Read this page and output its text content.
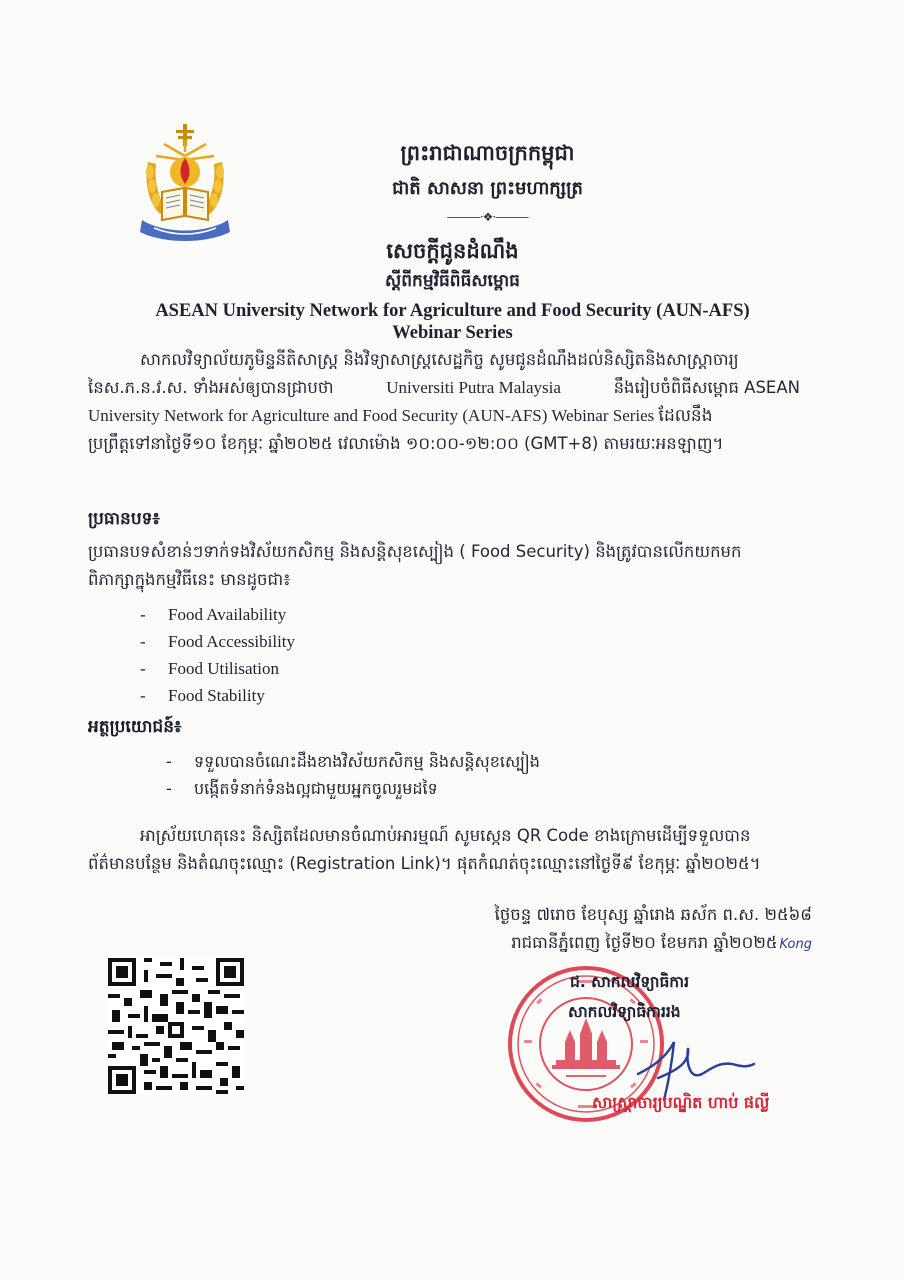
ព្រះរាជាណាចក្រកម្ពុជា
ជាតិ សាសនា ព្រះមហាក្សត្រ
———·❖·———
សេចក្តីជូនដំណឹង
ស្តីពីកម្មវិធីពិធីសម្ពោធ
ASEAN University Network for Agriculture and Food Security (AUN-AFS)
Webinar Series
សាកលវិទ្យាល័យភូមិន្ទនីតិសាស្ត្រ និងវិទ្យាសាស្ត្រសេដ្ឋកិច្ច សូមជូនដំណឹងដល់និស្សិតនិងសាស្ត្រាចារ្យ
នៃស.ភ.ន.វ.ស. ទាំងអស់ឲ្យបានជ្រាបថា	Universiti Putra Malaysia	នឹងរៀបចំពិធីសម្ពោធ ASEAN
University Network for Agriculture and Food Security (AUN-AFS) Webinar Series ដែលនឹង
ប្រព្រឹត្តទៅនាថ្ងៃទី១០ ខែកុម្ភៈ ឆ្នាំ២០២៥ វេលាម៉ោង ១០:០០-១២:០០ (GMT+8) តាមរយៈអនឡាញ។
ប្រធានបទ៖
ប្រធានបទសំខាន់ៗទាក់ទងវិស័យកសិកម្ម និងសន្តិសុខស្បៀង ( Food Security) និងត្រូវបានលើកយកមក
ពិភាក្សាក្នុងកម្មវិធីនេះ មានដូចជា៖
- Food Availability
- Food Accessibility
- Food Utilisation
- Food Stability
អត្ថប្រយោជន៍៖
- ទទួលបានចំណេះដឹងខាងវិស័យកសិកម្ម និងសន្តិសុខស្បៀង
- បង្កើតទំនាក់ទំនងល្អជាមួយអ្នកចូលរួមដទៃ
អាស្រ័យហេតុនេះ និស្សិតដែលមានចំណាប់អារម្មណ៍ សូមស្កេន QR Code ខាងក្រោមដើម្បីទទួលបាន
ព័ត៌មានបន្ថែម និងតំណចុះឈ្មោះ (Registration Link)។ ផុតកំណត់ចុះឈ្មោះនៅថ្ងៃទី៩ ខែកុម្ភៈ ឆ្នាំ២០២៥។
ថ្ងៃចន្ទ ៧រោច ខែបុស្ស ឆ្នាំរោង ឆស័ក ព.ស. ២៥៦៨
រាជធានីភ្នំពេញ ថ្ងៃទី២០ ខែមករា ឆ្នាំ២០២៥ Kong
ជ. សាកលវិទ្យាធិការ
សាកលវិទ្យាធិការរង
សាស្ត្រាចារ្យបណ្ឌិត ហាប់ ផល្លី
